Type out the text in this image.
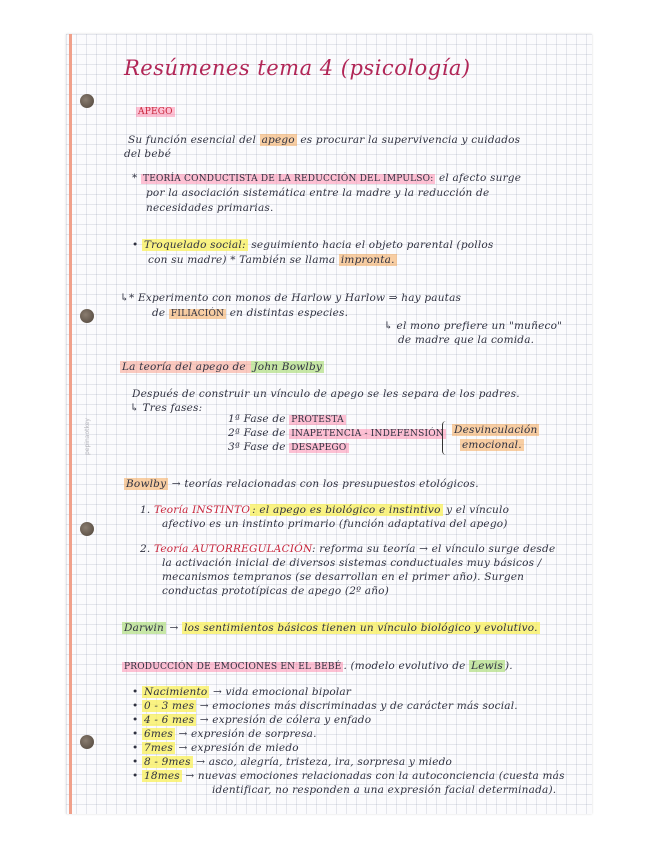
pepinaotkey
Resúmenes tema 4 (psicología)
APEGO
Su función esencial del apego es procurar la supervivencia y cuidados
del bebé
* TEORÍA CONDUCTISTA DE LA REDUCCIÓN DEL IMPULSO: el afecto surge
por la asociación sistemática entre la madre y la reducción de
necesidades primarias.
• Troquelado social: seguimiento hacia el objeto parental (pollos
con su madre) * También se llama impronta.
↳* Experimento con monos de Harlow y Harlow ⇒ hay pautas
de FILIACIÓN en distintas especies.
↳ el mono prefiere un "muñeco"
de madre que la comida.
La teoría del apego de John Bowlby
Después de construir un vínculo de apego se les separa de los padres.
↳ Tres fases:
1ª Fase de PROTESTA
2ª Fase de INAPETENCIA - INDEFENSIÓN
3ª Fase de DESAPEGO
Desvinculación
emocional.
Bowlby → teorías relacionadas con los presupuestos etológicos.
1. Teoría INSTINTO : el apego es biológico e instintivo y el vínculo
afectivo es un instinto primario (función adaptativa del apego)
2. Teoría AUTORREGULACIÓN: reforma su teoría → el vínculo surge desde
la activación inicial de diversos sistemas conductuales muy básicos /
mecanismos tempranos (se desarrollan en el primer año). Surgen
conductas prototípicas de apego (2º año)
Darwin → los sentimientos básicos tienen un vínculo biológico y evolutivo.
PRODUCCIÓN DE EMOCIONES EN EL BEBÉ . (modelo evolutivo de Lewis ).
• Nacimiento → vida emocional bipolar
• 0 - 3 mes → emociones más discriminadas y de carácter más social.
• 4 - 6 mes → expresión de cólera y enfado
• 6mes → expresión de sorpresa.
• 7mes → expresión de miedo
• 8 - 9mes → asco, alegría, tristeza, ira, sorpresa y miedo
• 18mes → nuevas emociones relacionadas con la autoconciencia (cuesta más
identificar, no responden a una expresión facial determinada).
